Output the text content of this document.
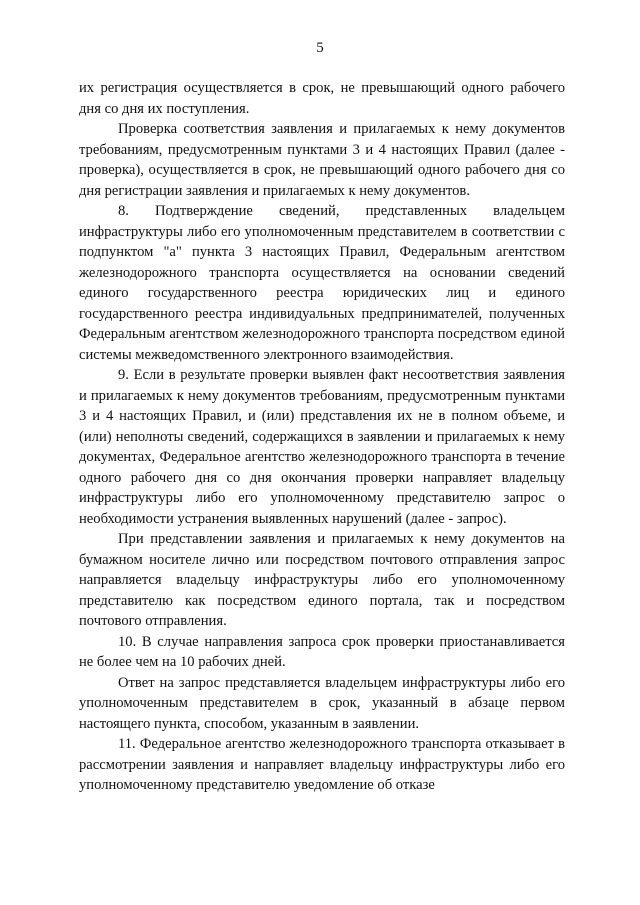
5

их регистрация осуществляется в срок, не превышающий одного рабочего дня со дня их поступления.

Проверка соответствия заявления и прилагаемых к нему документов требованиям, предусмотренным пунктами 3 и 4 настоящих Правил (далее - проверка), осуществляется в срок, не превышающий одного рабочего дня со дня регистрации заявления и прилагаемых к нему документов.

8. Подтверждение сведений, представленных владельцем инфраструктуры либо его уполномоченным представителем в соответствии с подпунктом "а" пункта 3 настоящих Правил, Федеральным агентством железнодорожного транспорта осуществляется на основании сведений единого государственного реестра юридических лиц и единого государственного реестра индивидуальных предпринимателей, полученных Федеральным агентством железнодорожного транспорта посредством единой системы межведомственного электронного взаимодействия.

9. Если в результате проверки выявлен факт несоответствия заявления и прилагаемых к нему документов требованиям, предусмотренным пунктами 3 и 4 настоящих Правил, и (или) представления их не в полном объеме, и (или) неполноты сведений, содержащихся в заявлении и прилагаемых к нему документах, Федеральное агентство железнодорожного транспорта в течение одного рабочего дня со дня окончания проверки направляет владельцу инфраструктуры либо его уполномоченному представителю запрос о необходимости устранения выявленных нарушений (далее - запрос).

При представлении заявления и прилагаемых к нему документов на бумажном носителе лично или посредством почтового отправления запрос направляется владельцу инфраструктуры либо его уполномоченному представителю как посредством единого портала, так и посредством почтового отправления.

10. В случае направления запроса срок проверки приостанавливается не более чем на 10 рабочих дней.

Ответ на запрос представляется владельцем инфраструктуры либо его уполномоченным представителем в срок, указанный в абзаце первом настоящего пункта, способом, указанным в заявлении.

11. Федеральное агентство железнодорожного транспорта отказывает в рассмотрении заявления и направляет владельцу инфраструктуры либо его уполномоченному представителю уведомление об отказе
